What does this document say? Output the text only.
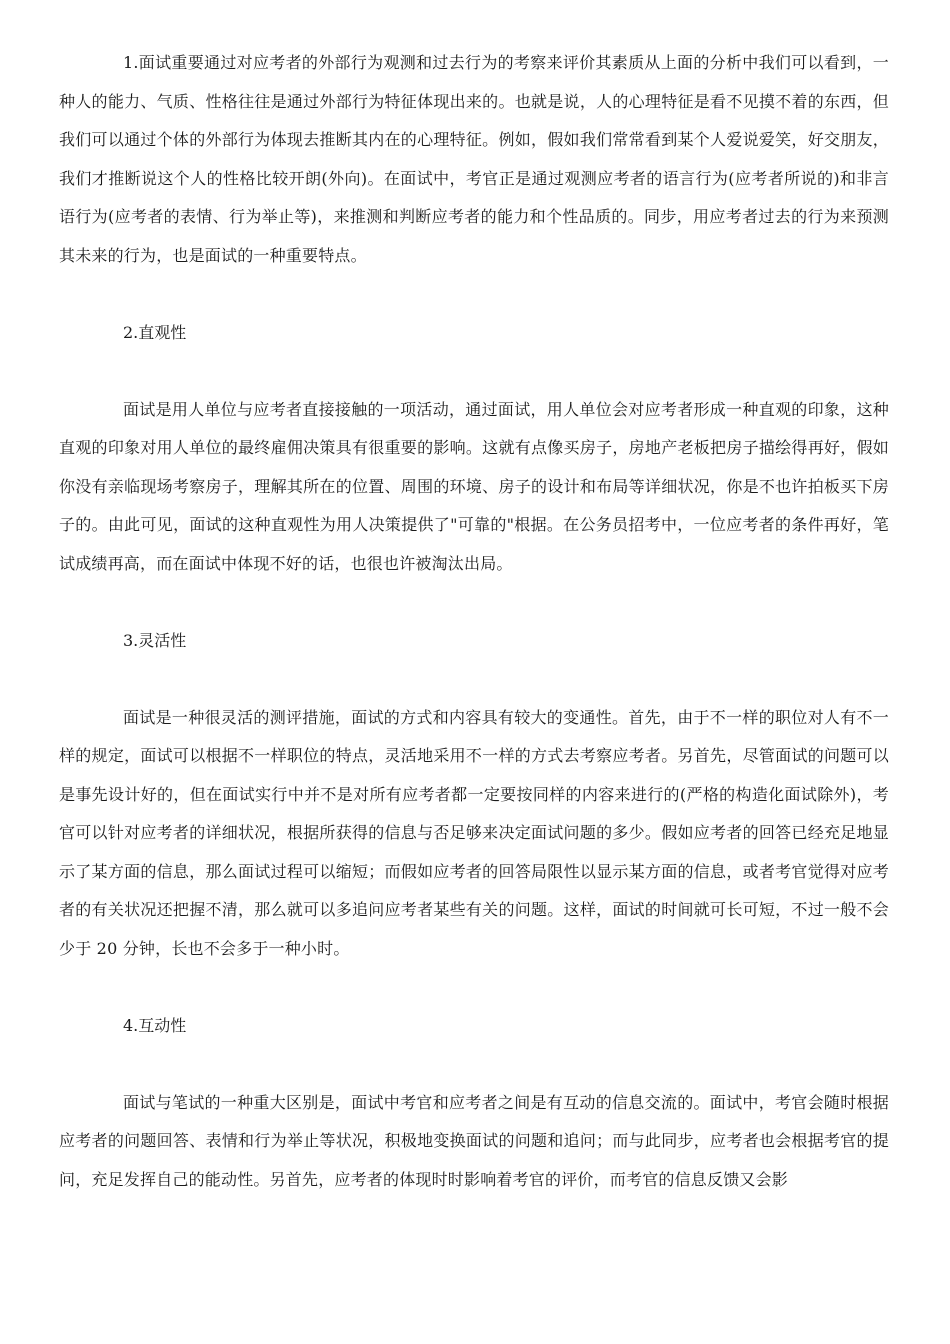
1.面试重要通过对应考者的外部行为观测和过去行为的考察来评价其素质从上面的分析中我们可以看到，一种人的能力、气质、性格往往是通过外部行为特征体现出来的。也就是说，人的心理特征是看不见摸不着的东西，但我们可以通过个体的外部行为体现去推断其内在的心理特征。例如，假如我们常常看到某个人爱说爱笑，好交朋友，我们才推断说这个人的性格比较开朗(外向)。在面试中，考官正是通过观测应考者的语言行为(应考者所说的)和非言语行为(应考者的表情、行为举止等)，来推测和判断应考者的能力和个性品质的。同步，用应考者过去的行为来预测其未来的行为，也是面试的一种重要特点。

2.直观性

面试是用人单位与应考者直接接触的一项活动，通过面试，用人单位会对应考者形成一种直观的印象，这种直观的印象对用人单位的最终雇佣决策具有很重要的影响。这就有点像买房子，房地产老板把房子描绘得再好，假如你没有亲临现场考察房子，理解其所在的位置、周围的环境、房子的设计和布局等详细状况，你是不也许拍板买下房子的。由此可见，面试的这种直观性为用人决策提供了"可靠的"根据。在公务员招考中，一位应考者的条件再好，笔试成绩再高，而在面试中体现不好的话，也很也许被淘汰出局。

3.灵活性

面试是一种很灵活的测评措施，面试的方式和内容具有较大的变通性。首先，由于不一样的职位对人有不一样的规定，面试可以根据不一样职位的特点，灵活地采用不一样的方式去考察应考者。另首先，尽管面试的问题可以是事先设计好的，但在面试实行中并不是对所有应考者都一定要按同样的内容来进行的(严格的构造化面试除外)，考官可以针对应考者的详细状况，根据所获得的信息与否足够来决定面试问题的多少。假如应考者的回答已经充足地显示了某方面的信息，那么面试过程可以缩短；而假如应考者的回答局限性以显示某方面的信息，或者考官觉得对应考者的有关状况还把握不清，那么就可以多追问应考者某些有关的问题。这样，面试的时间就可长可短，不过一般不会少于 20 分钟，长也不会多于一种小时。

4.互动性

面试与笔试的一种重大区别是，面试中考官和应考者之间是有互动的信息交流的。面试中，考官会随时根据应考者的问题回答、表情和行为举止等状况，积极地变换面试的问题和追问；而与此同步，应考者也会根据考官的提问，充足发挥自己的能动性。另首先，应考者的体现时时影响着考官的评价，而考官的信息反馈又会影
